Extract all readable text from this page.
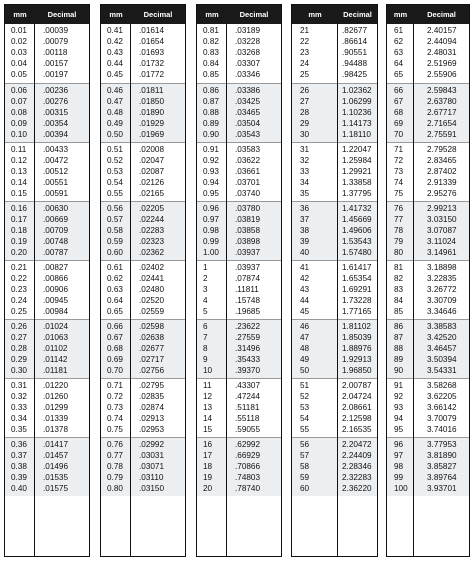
mm	Decimal
0.01 .00039
0.02 .00079
0.03 .00118
0.04 .00157
0.05 .00197
0.06 .00236
0.07 .00276
0.08 .00315
0.09 .00354
0.10 .00394
0.11 .00433
0.12 .00472
0.13 .00512
0.14 .00551
0.15 .00591
0.16 .00630
0.17 .00669
0.18 .00709
0.19 .00748
0.20 .00787
0.21 .00827
0.22 .00866
0.23 .00906
0.24 .00945
0.25 .00984
0.26 .01024
0.27 .01063
0.28 .01102
0.29 .01142
0.30 .01181
0.31 .01220
0.32 .01260
0.33 .01299
0.34 .01339
0.35 .01378
0.36 .01417
0.37 .01457
0.38 .01496
0.39 .01535
0.40 .01575
mm	Decimal
0.41 .01614
0.42 .01654
0.43 .01693
0.44 .01732
0.45 .01772
0.46 .01811
0.47 .01850
0.48 .01890
0.49 .01929
0.50 .01969
0.51 .02008
0.52 .02047
0.53 .02087
0.54 .02126
0.55 .02165
0.56 .02205
0.57 .02244
0.58 .02283
0.59 .02323
0.60 .02362
0.61 .02402
0.62 .02441
0.63 .02480
0.64 .02520
0.65 .02559
0.66 .02598
0.67 .02638
0.68 .02677
0.69 .02717
0.70 .02756
0.71 .02795
0.72 .02835
0.73 .02874
0.74 .02913
0.75 .02953
0.76 .02992
0.77 .03031
0.78 .03071
0.79 .03110
0.80 .03150
mm	Decimal
0.81 .03189
0.82 .03228
0.83 .03268
0.84 .03307
0.85 .03346
0.86 .03386
0.87 .03425
0.88 .03465
0.89 .03504
0.90 .03543
0.91 .03583
0.92 .03622
0.93 .03661
0.94 .03701
0.95 .03740
0.96 .03780
0.97 .03819
0.98 .03858
0.99 .03898
1.00 .03937
1	.03937
2	.07874
3	.11811
4	.15748
5	.19685
6	.23622
7	.27559
8	.31496
9	.35433
10	.39370
11	.43307
12	.47244
13	.51181
14	.55118
15	.59055
16	.62992
17	.66929
18	.70866
19	.74803
20	.78740
mm	Decimal
21	.82677
22	.86614
23	.90551
24	.94488
25	.98425
26	1.02362
27	1.06299
28	1.10236
29	1.14173
30	1.18110
31	1.22047
32	1.25984
33	1.29921
34	1.33858
35	1.37795
36	1.41732
37	1.45669
38	1.49606
39	1.53543
40	1.57480
41	1.61417
42	1.65354
43	1.69291
44	1.73228
45	1.77165
46	1.81102
47	1.85039
48	1.88976
49	1.92913
50	1.96850
51	2.00787
52	2.04724
53	2.08661
54	2.12598
55	2.16535
56	2.20472
57	2.24409
58	2.28346
59	2.32283
60	2.36220
mm	Decimal
61	2.40157
62	2.44094
63	2.48031
64	2.51969
65	2.55906
66	2.59843
67	2.63780
68	2.67717
69	2.71654
70	2.75591
71	2.79528
72	2.83465
73	2.87402
74	2.91339
75	2.95276
76	2.99213
77	3.03150
78	3.07087
79	3.11024
80	3.14961
81	3.18898
82	3.22835
83	3.26772
84	3.30709
85	3.34646
86	3.38583
87	3.42520
88	3.46457
89	3.50394
90	3.54331
91	3.58268
92	3.62205
93	3.66142
94	3.70079
95	3.74016
96	3.77953
97	3.81890
98	3.85827
99	3.89764
100 3.93701
